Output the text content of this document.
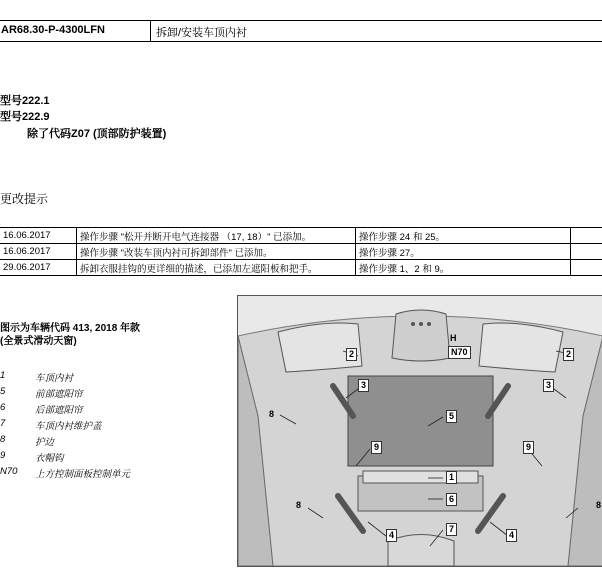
AR68.30-P-4300LFN	拆卸/安装车顶内衬
型号222.1
型号222.9
除了代码Z07 (顶部防护装置)
更改提示
16.06.2017	操作步骤 "松开并断开电气连接器 （17, 18）" 已添加。	操作步骤 24 和 25。	
16.06.2017	操作步骤 "改装车顶内衬可拆卸部件" 已添加。	操作步骤 27。	
29.06.2017	拆卸衣服挂钩的更详细的描述，已添加左遮阳板和把手。	操作步骤 1、2 和 9。	
图示为车辆代码 413, 2018 年款
(全景式滑动天窗)
1	车顶内衬
5	前部遮阳帘
6	后部遮阳帘
7	车顶内衬维护盖
8	护边
9	衣帽钩
N70 上方控制面板控制单元
2	2
N70
H
3	3
5
8
9	9
1
6
8	8
4	4
7
